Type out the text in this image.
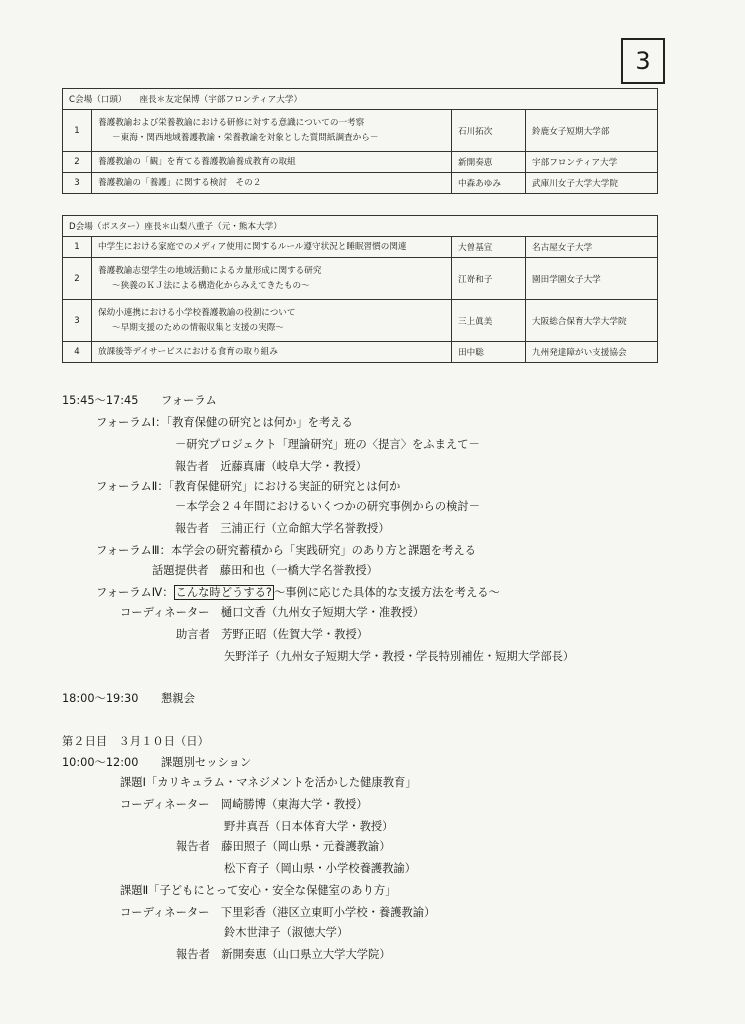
3
C会場（口頭）　　座長＊友定保博（宇部フロンティア大学）			
1	養護教諭および栄養教諭における研修に対する意識についての一考察
－東海・関西地域養護教諭・栄養教諭を対象とした質問紙調査から－	石川拓次	鈴鹿女子短期大学部
2	養護教諭の「観」を育てる養護教諭養成教育の取組	新開奏恵	宇部フロンティア大学
3	養護教諭の「養護」に関する検討　その２	中森あゆみ	武庫川女子大学大学院
D会場（ポスター）座長＊山梨八重子（元・熊本大学）			
1	中学生における家庭でのメディア使用に関するルール遵守状況と睡眠習慣の関連	大曽基宣	名古屋女子大学
2	養護教諭志望学生の地域活動によるカ量形成に関する研究
～狭義のＫＪ法による構造化からみえてきたもの～	江嵜和子	園田学園女子大学
3	保幼小連携における小学校養護教諭の役割について
～早期支援のための情報収集と支援の実際～	三上眞美	大阪総合保育大学大学院
4	放課後等デイサービスにおける食育の取り組み	田中聡	九州発達障がい支援協会
15:45～17:45　　フォーラム
フォーラムⅠ：「教育保健の研究とは何か」を考える
－研究プロジェクト「理論研究」班の〈提言〉をふまえて－
報告者　近藤真庸（岐阜大学・教授）
フォーラムⅡ：「教育保健研究」における実証的研究とは何か
－本学会２４年間におけるいくつかの研究事例からの検討－
報告者　三浦正行（立命館大学名誉教授）
フォーラムⅢ：本学会の研究蓄積から「実践研究」のあり方と課題を考える
話題提供者　藤田和也（一橋大学名誉教授）
フォーラムⅣ： こんな時どうする? ～事例に応じた具体的な支援方法を考える～
コーディネーター　樋口文香（九州女子短期大学・准教授）
助言者　芳野正昭（佐賀大学・教授）
矢野洋子（九州女子短期大学・教授・学長特別補佐・短期大学部長）
18:00～19:30　　懇親会
第２日目　３月１０日（日）
10:00～12:00　　課題別セッション
課題Ⅰ「カリキュラム・マネジメントを活かした健康教育」
コーディネーター　岡崎勝博（東海大学・教授）
野井真吾（日本体育大学・教授）
報告者　藤田照子（岡山県・元養護教諭）
松下育子（岡山県・小学校養護教諭）
課題Ⅱ「子どもにとって安心・安全な保健室のあり方」
コーディネーター　下里彩香（港区立東町小学校・養護教諭）
鈴木世津子（淑徳大学）
報告者　新開奏恵（山口県立大学大学院）
